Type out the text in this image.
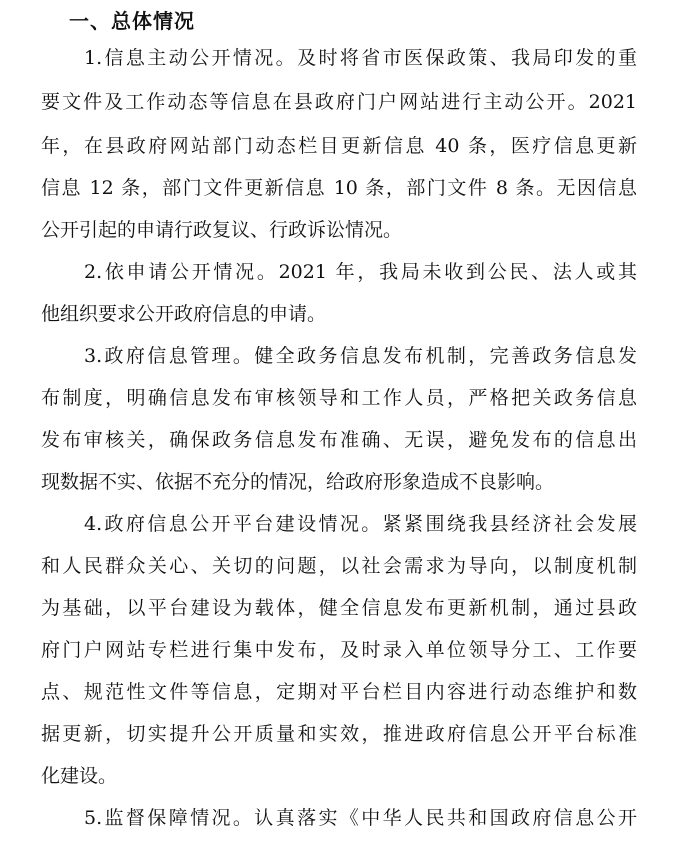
一、总体情况

1.信息主动公开情况。及时将省市医保政策、我局印发的重

要文件及工作动态等信息在县政府门户网站进行主动公开。2021

年，在县政府网站部门动态栏目更新信息 40 条，医疗信息更新

信息 12 条，部门文件更新信息 10 条，部门文件 8 条。无因信息

公开引起的申请行政复议、行政诉讼情况。

2.依申请公开情况。2021 年，我局未收到公民、法人或其

他组织要求公开政府信息的申请。

3.政府信息管理。健全政务信息发布机制，完善政务信息发

布制度，明确信息发布审核领导和工作人员，严格把关政务信息

发布审核关，确保政务信息发布准确、无误，避免发布的信息出

现数据不实、依据不充分的情况，给政府形象造成不良影响。

4.政府信息公开平台建设情况。紧紧围绕我县经济社会发展

和人民群众关心、关切的问题，以社会需求为导向，以制度机制

为基础，以平台建设为载体，健全信息发布更新机制，通过县政

府门户网站专栏进行集中发布，及时录入单位领导分工、工作要

点、规范性文件等信息，定期对平台栏目内容进行动态维护和数

据更新，切实提升公开质量和实效，推进政府信息公开平台标准

化建设。

5.监督保障情况。认真落实《中华人民共和国政府信息公开
